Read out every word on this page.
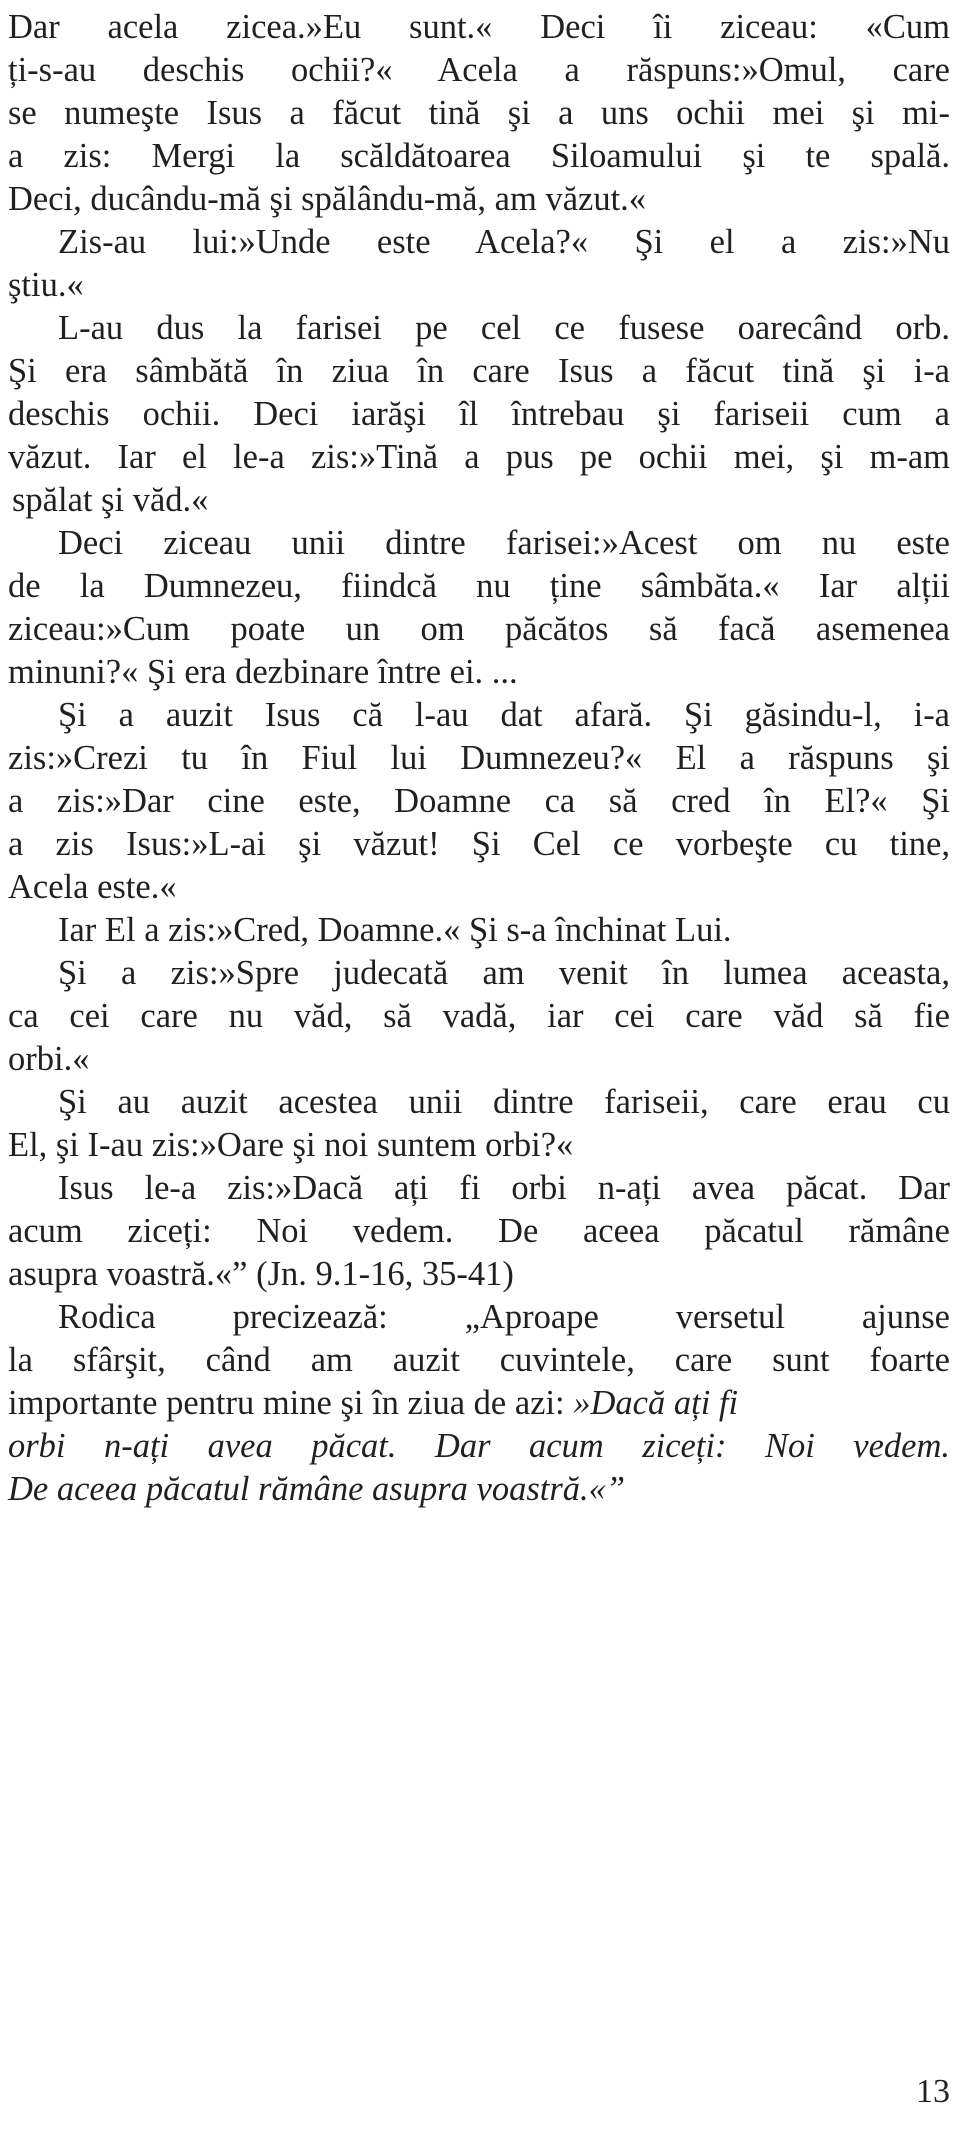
Dar acela zicea.»Eu sunt.« Deci îi ziceau: «Cum
ți-s-au deschis ochii?« Acela a răspuns:»Omul, care
se numeşte Isus a făcut tină şi a uns ochii mei şi mi-
a zis: Mergi la scăldătoarea Siloamului şi te spală.
Deci, ducându-mă şi spălându-mă, am văzut.«
Zis-au lui:»Unde este Acela?« Şi el a zis:»Nu
ştiu.«
L-au dus la farisei pe cel ce fusese oarecând orb.
Şi era sâmbătă în ziua în care Isus a făcut tină şi i-a
deschis ochii. Deci iarăşi îl întrebau şi fariseii cum a
văzut. Iar el le-a zis:»Tină a pus pe ochii mei, şi m-am
spălat şi văd.«
Deci ziceau unii dintre farisei:»Acest om nu este
de la Dumnezeu, fiindcă nu ține sâmbăta.« Iar alții
ziceau:»Cum poate un om păcătos să facă asemenea
minuni?« Şi era dezbinare între ei. ...
Şi a auzit Isus că l-au dat afară. Şi găsindu-l, i-a
zis:»Crezi tu în Fiul lui Dumnezeu?« El a răspuns şi
a zis:»Dar cine este, Doamne ca să cred în El?« Şi
a zis Isus:»L-ai şi văzut! Şi Cel ce vorbeşte cu tine,
Acela este.«
Iar El a zis:»Cred, Doamne.« Şi s-a închinat Lui.
Şi a zis:»Spre judecată am venit în lumea aceasta,
ca cei care nu văd, să vadă, iar cei care văd să fie
orbi.«
Şi au auzit acestea unii dintre fariseii, care erau cu
El, şi I-au zis:»Oare şi noi suntem orbi?«
Isus le-a zis:»Dacă ați fi orbi n-ați avea păcat. Dar
acum ziceți: Noi vedem. De aceea păcatul rămâne
asupra voastră.«” (Jn. 9.1-16, 35-41)
Rodica precizează: „Aproape versetul ajunse
la sfârşit, când am auzit cuvintele, care sunt foarte
importante pentru mine şi în ziua de azi: »Dacă ați fi
orbi n-ați avea păcat. Dar acum ziceți: Noi vedem.
De aceea păcatul rămâne asupra voastră.«”
13
